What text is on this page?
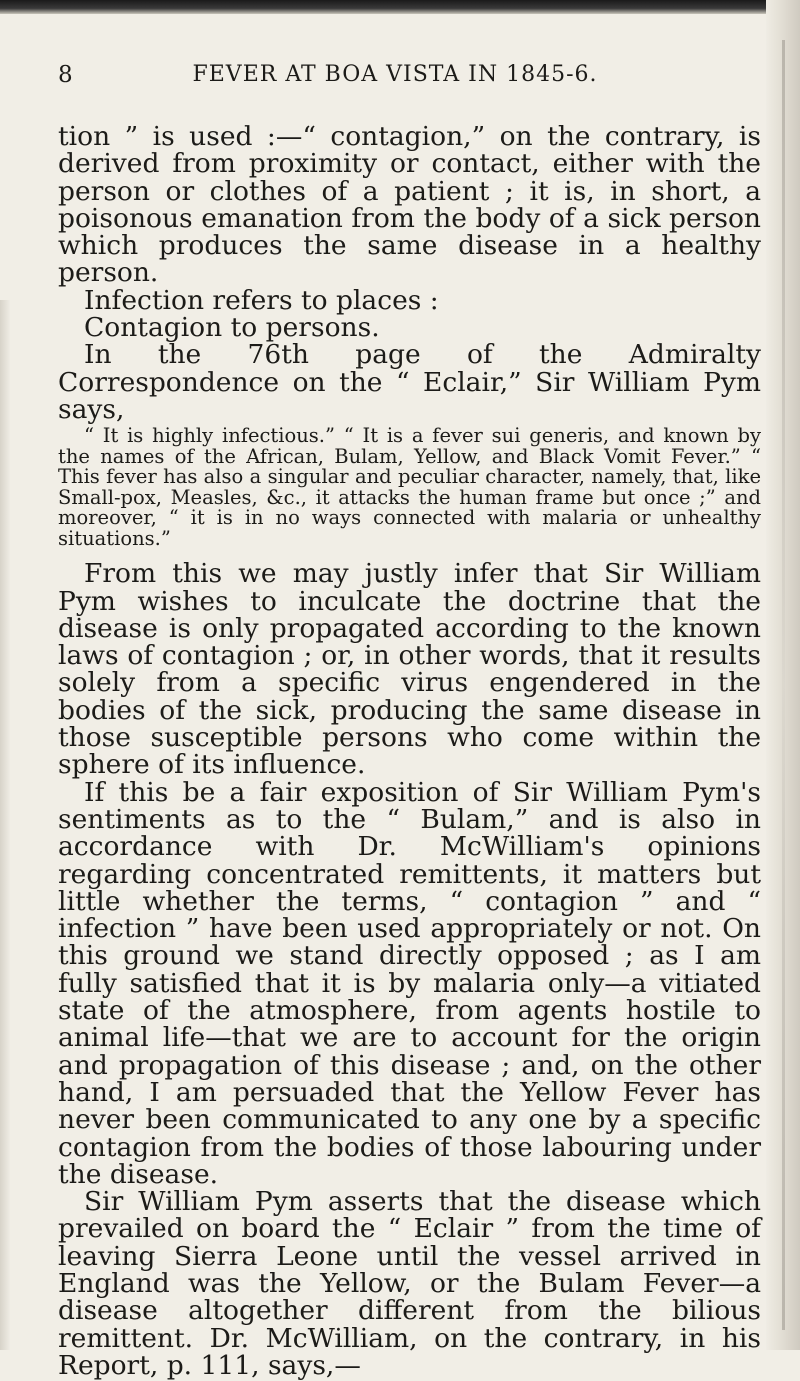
8	FEVER AT BOA VISTA IN 1845-6.

tion ” is used :—“ contagion,” on the contrary, is derived from proximity or contact, either with the person or clothes of a patient ; it is, in short, a poisonous emanation from the body of a sick person which produces the same disease in a healthy person.

Infection refers to places :
Contagion to persons.

In the 76th page of the Admiralty Correspondence on the “ Eclair,” Sir William Pym says,

“ It is highly infectious.” “ It is a fever sui generis, and known by the names of the African, Bulam, Yellow, and Black Vomit Fever.” “ This fever has also a singular and peculiar character, namely, that, like Small-pox, Measles, &c., it attacks the human frame but once ;” and moreover, “ it is in no ways connected with malaria or unhealthy situations.”

From this we may justly infer that Sir William Pym wishes to inculcate the doctrine that the disease is only propagated according to the known laws of contagion ; or, in other words, that it results solely from a specific virus engendered in the bodies of the sick, producing the same disease in those susceptible persons who come within the sphere of its influence.

If this be a fair exposition of Sir William Pym's sentiments as to the “ Bulam,” and is also in accordance with Dr. McWilliam's opinions regarding concentrated remittents, it matters but little whether the terms, “ contagion ” and “ infection ” have been used appropriately or not. On this ground we stand directly opposed ; as I am fully satisfied that it is by malaria only—a vitiated state of the atmosphere, from agents hostile to animal life—that we are to account for the origin and propagation of this disease ; and, on the other hand, I am persuaded that the Yellow Fever has never been communicated to any one by a specific contagion from the bodies of those labouring under the disease.

Sir William Pym asserts that the disease which prevailed on board the “ Eclair ” from the time of leaving Sierra Leone until the vessel arrived in England was the Yellow, or the Bulam Fever—a disease altogether different from the bilious remittent. Dr. McWilliam, on the contrary, in his Report, p. 111, says,—
